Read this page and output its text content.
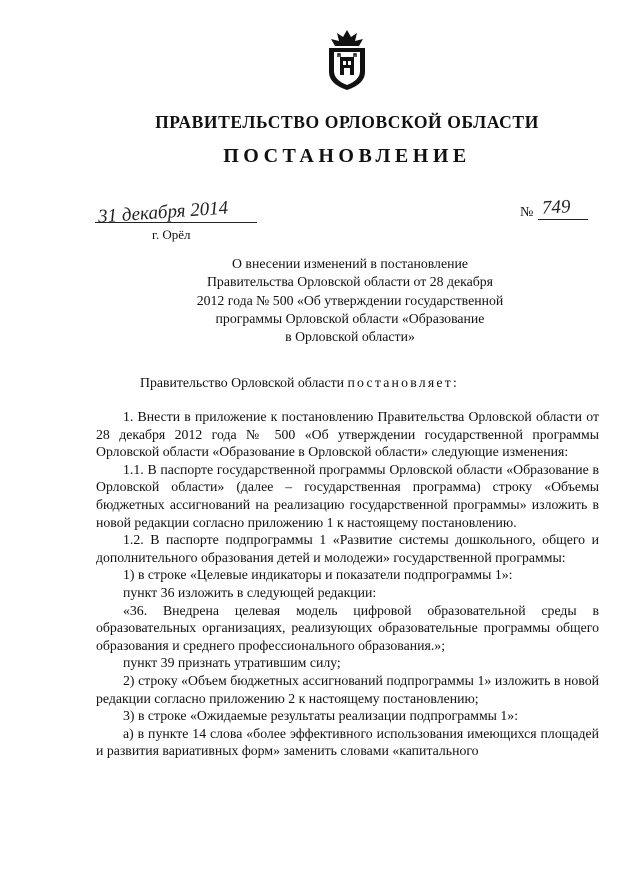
ПРАВИТЕЛЬСТВО ОРЛОВСКОЙ ОБЛАСТИ
ПОСТАНОВЛЕНИЕ
31 декабря 2014
г. Орёл
№ 749
О внесении изменений в постановление
Правительства Орловской области от 28 декабря
2012 года № 500 «Об утверждении государственной
программы Орловской области «Образование
в Орловской области»
Правительство Орловской области постановляет:

1. Внести в приложение к постановлению Правительства Орловской области от 28 декабря 2012 года № 500 «Об утверждении государственной программы Орловской области «Образование в Орловской области» следующие изменения:

1.1. В паспорте государственной программы Орловской области «Образование в Орловской области» (далее – государственная программа) строку «Объемы бюджетных ассигнований на реализацию государственной программы» изложить в новой редакции согласно приложению 1 к настоящему постановлению.

1.2. В паспорте подпрограммы 1 «Развитие системы дошкольного, общего и дополнительного образования детей и молодежи» государственной программы:

1) в строке «Целевые индикаторы и показатели подпрограммы 1»:

пункт 36 изложить в следующей редакции:

«36. Внедрена целевая модель цифровой образовательной среды в образовательных организациях, реализующих образовательные программы общего образования и среднего профессионального образования.»;

пункт 39 признать утратившим силу;

2) строку «Объем бюджетных ассигнований подпрограммы 1» изложить в новой редакции согласно приложению 2 к настоящему постановлению;

3) в строке «Ожидаемые результаты реализации подпрограммы 1»:

а) в пункте 14 слова «более эффективного использования имеющихся площадей и развития вариативных форм» заменить словами «капитального
